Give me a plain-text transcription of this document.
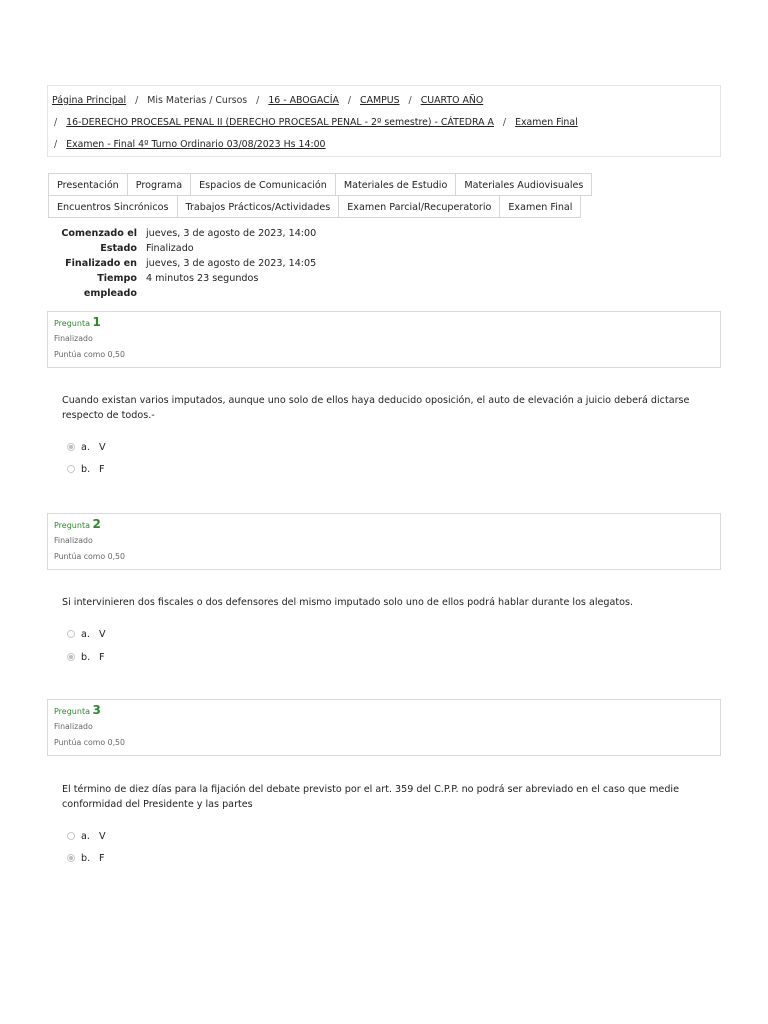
Página Principal / Mis Materias / Cursos / 16 - ABOGACÍA / CAMPUS / CUARTO AÑO
/ 16-DERECHO PROCESAL PENAL II (DERECHO PROCESAL PENAL - 2º semestre) - CÁTEDRA A / Examen Final
/ Examen - Final 4º Turno Ordinario 03/08/2023 Hs 14:00
Presentación	Programa	Espacios de Comunicación	Materiales de Estudio	Materiales Audiovisuales
Encuentros Sincrónicos	Trabajos Prácticos/Actividades	Examen Parcial/Recuperatorio	Examen Final
Comenzado el jueves, 3 de agosto de 2023, 14:00
Estado Finalizado
Finalizado en jueves, 3 de agosto de 2023, 14:05
Tiempo
empleado
4 minutos 23 segundos
Pregunta 1
Finalizado
Puntúa como 0,50
Cuando existan varios imputados, aunque uno solo de ellos haya deducido oposición, el auto de elevación a juicio deberá dictarse respecto de todos.-
a. V
b. F
Pregunta 2
Finalizado
Puntúa como 0,50
Si intervinieren dos fiscales o dos defensores del mismo imputado solo uno de ellos podrá hablar durante los alegatos.
a. V
b. F
Pregunta 3
Finalizado
Puntúa como 0,50
El término de diez días para la fijación del debate previsto por el art. 359 del C.P.P. no podrá ser abreviado en el caso que medie conformidad del Presidente y las partes
a. V
b. F
